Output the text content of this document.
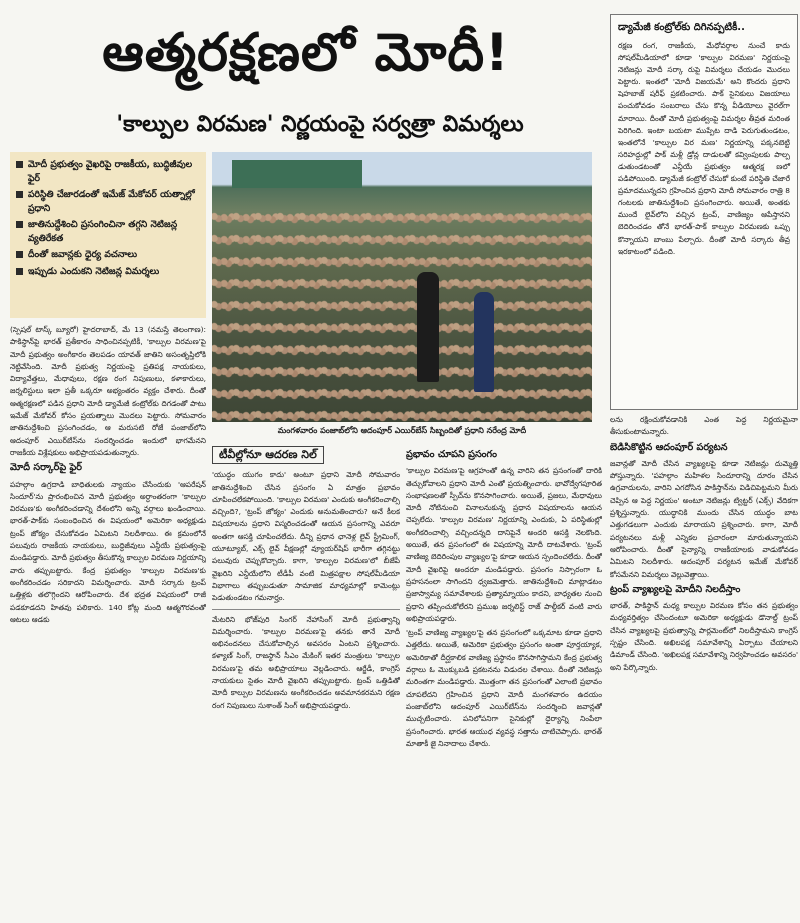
ఆత్మరక్షణలో మోదీ!
'కాల్పుల విరమణ' నిర్ణయంపై సర్వత్రా విమర్శలు
డ్యామేజీ కంట్రోల్‌కు దిగినప్పటికీ..
రక్షణ రంగ, రాజకీయ, మేధోవర్గాల నుంచే కాదు సోషల్‌మీడియాలో కూడా 'కాల్పుల విరమణ' నిర్ణయంపై నెటిజన్లు మోదీ సర్కా రుపై విమర్శలు చేయడం మొదలు పెట్టారు. ఇంతలో 'మోదీ విజయమే' అని కొందరు ప్రధాని షెహబాజ్ షరీఫ్ ప్రకటించారు. పాక్ సైనికులు విజయాలు పంచుకోవడం సంబరాలు చేసు కొన్న వీడియోలు వైరల్‌గా మారాయి. దీంతో మోదీ ప్రభుత్వంపై విమర్శల తీవ్రత మరింత పెరిగింది. ఇంటా బయటా ముప్పేట దాడి పెరుగుతుండటం, ఇంతలోనే 'కాల్పుల విర మణ' నిర్ణయాన్ని పక్కనబెట్టి సరిహద్దుల్లో పాక్ మళ్లీ డ్రోన్ల దాడులతో కవ్వింపులకు పాల్ప డుతుండటంతో ఎన్డీయే ప్రభుత్వం ఆత్మరక్ష ణలో పడిపోయింది. డ్యామేజీ కంట్రోల్ చేసుకో కుంటే పరిస్థితి చేజారే ప్రమాదమున్నదని గ్రహించిన ప్రధాని మోదీ సోమవారం రాత్రి 8 గంటలకు జాతినుద్దేశించి ప్రసంగించారు. అయితే, అంతకు ముందే లైవ్‌లోని వచ్చిన ట్రంప్, వాణిజ్యం ఆపేస్తానని బెదిరించడం తోనే భారత్-పాక్ కాల్పుల విరమణకు ఒప్పు కొన్నాయని బాంబు పేల్చారు. దీంతో మోదీ సర్కారు తీవ్ర ఇరకాటంలో పడింది.
మోదీ ప్రభుత్వం వైఖరిపై రాజకీయ, బుద్ధిజీవుల ఫైర్
పరిస్థితి చేజారడంతో ఇమేజ్ మేకోవర్ యత్నాల్లో ప్రధాని
జాతినుద్దేశించి ప్రసంగించినా తగ్గని నెటిజన్ల వ్యతిరేకత
దీంతో జవాన్లకు ధైర్య వచనాలు
ఇప్పుడు ఎందుకని నెటిజన్ల విమర్శలు
మంగళవారం పంజాబ్‌లోని ఆదంపూర్ ఎయిర్‌బేస్ సిబ్బందితో ప్రధాని నరేంద్ర మోదీ

(స్పెషల్ టాస్క్ బ్యూరో) హైదరాబాద్, మే 13 (నమస్తే తెలంగాణ): పాకిస్థాన్‌పై భారత్ ప్రతీకారం సాధించినప్పటికీ, 'కాల్పుల విరమణ'పై మోదీ ప్రభుత్వం అంగీకారం తెలపడం యావత్ జాతిని అసంతృప్తిలోకి నెట్టివేసింది. మోదీ ప్రభుత్వ నిర్ణయంపై ప్రతిపక్ష నాయకులు, విద్యావేత్తలు, మేధావులు, రక్షణ రంగ నిపుణులు, కళాకారులు, జర్నలిస్టులు ఇలా ప్రతీ ఒక్కరూ అభ్యంతరం వ్యక్తం చేశారు. దీంతో ఆత్మరక్షణలో పడిన ప్రధాని మోదీ డ్యామేజీ కంట్రోల్‌కు దిగడంతో పాటు ఇమేజ్ మేకోవర్ కోసం ప్రయత్నాలు మొదలు పెట్టారు. సోమవారం జాతినుద్దేశించి ప్రసంగించడం, ఆ మరుసటి రోజే పంజాబ్‌లోని ఆదంపూర్ ఎయిర్‌బేస్‌ను సందర్శించడం ఇందులో భాగమేనని రాజకీయ విశ్లేషకులు అభిప్రాయపడుతున్నారు.

మోదీ సర్కార్‌పై ఫైర్

పహల్గాం ఉగ్రదాడి బాధితులకు న్యాయం చేసేందుకు 'ఆపరేషన్ సిందూర్'ను ప్రారంభించిన మోదీ ప్రభుత్వం అర్ధాంతరంగా 'కాల్పుల విరమణ'కు అంగీకరించడాన్ని దేశంలోని అన్ని వర్గాలు ఖండించాయి. భారత్-పాక్‌కు సంబంధించిన ఈ విషయంలో అమెరికా అధ్యక్షుడు ట్రంప్ జోక్యం చేసుకోవడం ఏమిటని నిలదీశాయి. ఈ క్రమంలోనే పలువురు రాజకీయ నాయకులు, బుద్ధిజీవులు ఎన్డీయే ప్రభుత్వంపై మండిపడ్డారు. మోదీ ప్రభుత్వం తీసుకొన్న కాల్పుల విరమణ నిర్ణయాన్ని వారు తప్పుబట్టారు. కేంద్ర ప్రభుత్వం 'కాల్పుల విరమణ'కు అంగీకరించడం సరికాదని విమర్శించారు. మోదీ సర్కారు ట్రంప్ ఒత్తిళ్లకు తలొగ్గిందని ఆరోపించారు. దేశ భద్రత విషయంలో రాజీ పడకూడదని హితవు పలికారు. 140 కోట్ల మంది ఆత్మగౌరవంతో ఆటలు ఆడకు

టీవీల్లోనూ ఆదరణ నిల్

'యుద్ధం యుగం కాదు' అంటూ ప్రధాని మోదీ సోమవారం జాతినుద్దేశించి చేసిన ప్రసంగం ఏ మాత్రం ప్రభావం చూపించలేకపోయింది. 'కాల్పుల విరమణ' ఎందుకు అంగీకరించాల్సి వచ్చింది?, 'ట్రంప్ జోక్యం' ఎందుకు అనుమతించారు? అనే కీలక విషయాలను ప్రధాని విస్మరించడంతో ఆయన ప్రసంగాన్ని ఎవరూ అంతగా ఆసక్తి చూపించలేదు. దీన్ని ప్రధాన ఛానెళ్ల లైవ్ స్ట్రీమింగ్, యూట్యూబ్, ఎక్స్ లైవ్ వీక్షణల్లో వ్యూయర్‌షిప్ భారీగా తగ్గినట్టు పలువురు చెప్పుకొచ్చారు. కాగా, 'కాల్పుల విరమణ'లో బీజేపీ వైఖరిని ఎన్డీయేలోని టీడీపీ వంటి మిత్రపక్షాల సోషల్‌మీడియా విభాగాలు తప్పుబడుతూ సామాజిక మాధ్యమాల్లో కామెంట్లు పెడుతుండటం గమనార్హం.

మేటరిని భోజ్‌పురి సింగర్ నేహాసింగ్ మోదీ ప్రభుత్వాన్ని విమర్శించారు. 'కాల్పుల విరమణ'పై తనకు తానే మోదీ అభినందనలు చేసుకోవాల్సిన అవసరం ఏంటని ప్రశ్నించారు. కళ్యాణ్ సింగ్, రాజస్థాన్ సీఎం మేకింగ్ ఇతర మంత్రులు 'కాల్పుల విరమణ'పై తమ అభిప్రాయాలు వెల్లడించారు. ఆర్జేడీ, కాంగ్రెస్ నాయకులు సైతం మోదీ వైఖరిని తప్పుబట్టారు. ట్రంప్ ఒత్తిడితో మోదీ కాల్పుల విరమణను అంగీకరించడం అవమానకరమని రక్షణ రంగ నిపుణులు సుశాంత్ సింగ్ అభిప్రాయపడ్డారు.

ప్రభావం చూపని ప్రసంగం

'కాల్పుల విరమణ'పై ఆగ్రహంతో ఉన్న వారిని తన ప్రసంగంతో దారికి తెచ్చుకోవాలని ప్రధాని మోదీ ఎంతో ప్రయత్నించారు. భావోద్వేగపూరిత సంభాషణలతో స్పీచ్‌ను కొనసాగించారు. అయితే, ప్రజలు, మేధావులు మోదీ నోటినుంచి వినాలనుకున్న ప్రధాన విషయాలను ఆయన చెప్పలేదు. 'కాల్పుల విరమణ' నిర్ణయాన్ని ఎందుకు, ఏ పరిస్థితుల్లో అంగీకరించాల్సి వచ్చిందన్నది దానిపైనే అందరి ఆసక్తి నెలకొంది. అయితే, తన ప్రసంగంలో ఈ విషయాన్ని మోదీ దాటవేశారు. 'ట్రంప్ వాణిజ్య బెదిరింపుల వ్యాఖ్యల'పై కూడా ఆయన స్పందించలేదు. దీంతో మోదీ వైఖరిపై అందరూ మండిపడ్డారు. ప్రసంగం నిస్సారంగా ఓ ప్రహసనంలా సాగిందని ధ్వజమెత్తారు. జాతినుద్దేశించి మాట్లాడటం ప్రజాస్వామ్య సమావేశాలకు ప్రత్యామ్నాయం కాదని, బాధ్యతల నుంచి ప్రధాని తప్పించుకోలేరని ప్రముఖ జర్నలిస్ట్ రాజ్ పాల్దీకర్ వంటి వారు అభిప్రాయపడ్డారు.

'ట్రంప్ వాణిజ్య వ్యాఖ్యల'పై తన ప్రసంగంలో ఒక్కమాట కూడా ప్రధాని ఎత్తలేదు. అయితే, అమెరికా ప్రభుత్వం ప్రసంగం అంతా పూర్తయ్యాక, అమెరికాతో దీర్ఘకాలిక వాణిజ్య ప్రస్థానం కొనసాగిస్తామని కేంద్ర ప్రభుత్వ వర్గాలు ఓ మొక్కుబడి ప్రకటనను విడుదల చేశాయి. దీంతో నెటిజన్లు మరింతగా మండిపడ్డారు. మొత్తంగా తన ప్రసంగంతో ఎలాంటి ప్రభావం చూపలేదని గ్రహించిన ప్రధాని మోదీ మంగళవారం ఉదయం పంజాబ్‌లోని ఆదంపూర్ ఎయిర్‌బేస్‌ను సందర్శించి జవాన్లతో ముచ్చటించారు. పనిలోపనిగా సైనికుల్లో ధైర్యాన్ని నింపేలా ప్రసంగించారు. భారత ఆయుధ వ్యవస్థ సత్తాను చాటిచెప్పారు. భారత్ మాతాకీ జై నినాదాలు చేశారు.

లను రక్షించుకోవడానికి ఎంత పెద్ద నిర్ణయమైనా తీసుకుంటామన్నారు.

బెడిసికొట్టిన ఆదంపూర్ పర్యటన

జవాన్లతో మోదీ చేసిన వ్యాఖ్యలపై కూడా నెటిజన్లు దుమ్మెత్తి పోస్తున్నారు. 'పహల్గాం మహిళల సిందూరాన్ని దూరం చేసిన ఉగ్రవాదులను, వారిని ఎగదోసిన పాకిస్తాన్‌ను విడిచిపెట్టమని మీరు చెప్పిన ఆ పెద్ద నిర్ణయం' అంటూ నెటిజన్లు ట్విట్టర్ (ఎక్స్) వేదికగా ప్రశ్నిస్తున్నారు. యుద్ధానికి ముందు చేసిన యుద్ధం బాట ఎత్తుగడలుగా ఎందుకు మారాయని ప్రశ్నించారు. కాగా, మోదీ పర్యటనలు మళ్లీ ఎన్నికల ప్రచారంలా మారుతున్నాయని ఆరోపించారు. దీంతో సైన్యాన్ని రాజకీయాలకు వాడుకోవడం ఏమిటని నిలదీశారు. ఆదంపూర్ పర్యటన ఇమేజ్ మేకోవర్ కోసమేనని విమర్శలు వెల్లువెత్తాయి.

ట్రంప్ వ్యాఖ్యలపై మోదీని నిలదీస్తాం

భారత్, పాకిస్థాన్ మధ్య కాల్పుల విరమణ కోసం తన ప్రభుత్వం మధ్యవర్తిత్వం చేసిందంటూ అమెరికా అధ్యక్షుడు డొనాల్డ్ ట్రంప్ చేసిన వ్యాఖ్యలపై ప్రభుత్వాన్ని పార్లమెంట్‌లో నిలదీస్తామని కాంగ్రెస్ స్పష్టం చేసింది. అఖిలపక్ష సమావేశాన్ని ఏర్పాటు చేయాలని డిమాండ్ చేసింది. 'అఖిలపక్ష సమావేశాన్ని నిర్వహించడం అవసరం' అని పేర్కొన్నారు.
